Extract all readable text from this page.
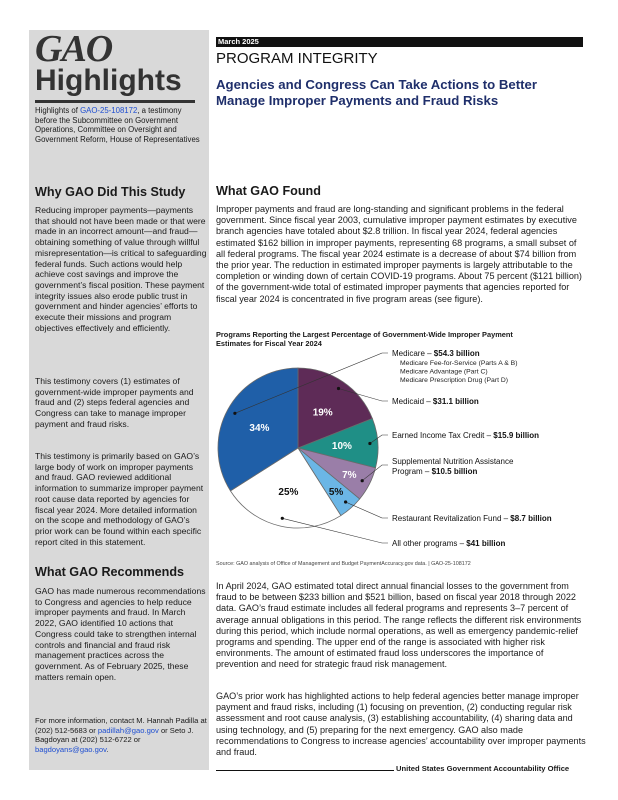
GAO
Highlights
Highlights of GAO-25-108172, a testimony before the Subcommittee on Government Operations, Committee on Oversight and Government Reform, House of Representatives
Why GAO Did This Study

Reducing improper payments—payments that should not have been made or that were made in an incorrect amount—and fraud—obtaining something of value through willful misrepresentation—is critical to safeguarding federal funds. Such actions would help achieve cost savings and improve the government’s fiscal position. These payment integrity issues also erode public trust in government and hinder agencies’ efforts to execute their missions and program objectives effectively and efficiently.

This testimony covers (1) estimates of government-wide improper payments and fraud and (2) steps federal agencies and Congress can take to manage improper payment and fraud risks.

This testimony is primarily based on GAO’s large body of work on improper payments and fraud. GAO reviewed additional information to summarize improper payment root cause data reported by agencies for fiscal year 2024. More detailed information on the scope and methodology of GAO’s prior work can be found within each specific report cited in this statement.

What GAO Recommends

GAO has made numerous recommendations to Congress and agencies to help reduce improper payments and fraud. In March 2022, GAO identified 10 actions that Congress could take to strengthen internal controls and financial and fraud risk management practices across the government. As of February 2025, these matters remain open.

For more information, contact M. Hannah Padilla at (202) 512-5683 or padillah@gao.gov or Seto J. Bagdoyan at (202) 512-6722 or bagdoyans@gao.gov.
March 2025
PROGRAM INTEGRITY
Agencies and Congress Can Take Actions to Better Manage Improper Payments and Fraud Risks
What GAO Found

Improper payments and fraud are long-standing and significant problems in the federal government. Since fiscal year 2003, cumulative improper payment estimates by executive branch agencies have totaled about $2.8 trillion. In fiscal year 2024, federal agencies estimated $162 billion in improper payments, representing 68 programs, a small subset of all federal programs. The fiscal year 2024 estimate is a decrease of about $74 billion from the prior year. The reduction in estimated improper payments is largely attributable to the completion or winding down of certain COVID-19 programs. About 75 percent ($121 billion) of the government-wide total of estimated improper payments that agencies reported for fiscal year 2024 is concentrated in five program areas (see figure).

Programs Reporting the Largest Percentage of Government-Wide Improper Payment Estimates for Fiscal Year 2024
19%
Medicaid – $31.1 billion
10%
Earned Income Tax Credit – $15.9 billion
7%
Supplemental Nutrition Assistance Program – $10.5 billion
5%
Restaurant Revitalization Fund – $8.7 billion
25%
All other programs – $41 billion
34%
Medicare – $54.3 billion
Medicare Fee-for-Service (Parts A & B)
Medicare Advantage (Part C)
Medicare Prescription Drug (Part D)
Source: GAO analysis of Office of Management and Budget PaymentAccuracy.gov data. | GAO-25-108172

In April 2024, GAO estimated total direct annual financial losses to the government from fraud to be between $233 billion and $521 billion, based on fiscal year 2018 through 2022 data. GAO’s fraud estimate includes all federal programs and represents 3–7 percent of average annual obligations in this period. The range reflects the different risk environments during this period, which include normal operations, as well as emergency pandemic-relief programs and spending. The upper end of the range is associated with higher risk environments. The amount of estimated fraud loss underscores the importance of prevention and need for strategic fraud risk management.

GAO’s prior work has highlighted actions to help federal agencies better manage improper payment and fraud risks, including (1) focusing on prevention, (2) conducting regular risk assessment and root cause analysis, (3) establishing accountability, (4) sharing data and using technology, and (5) preparing for the next emergency. GAO also made recommendations to Congress to increase agencies’ accountability over improper payments and fraud.

United States Government Accountability Office
